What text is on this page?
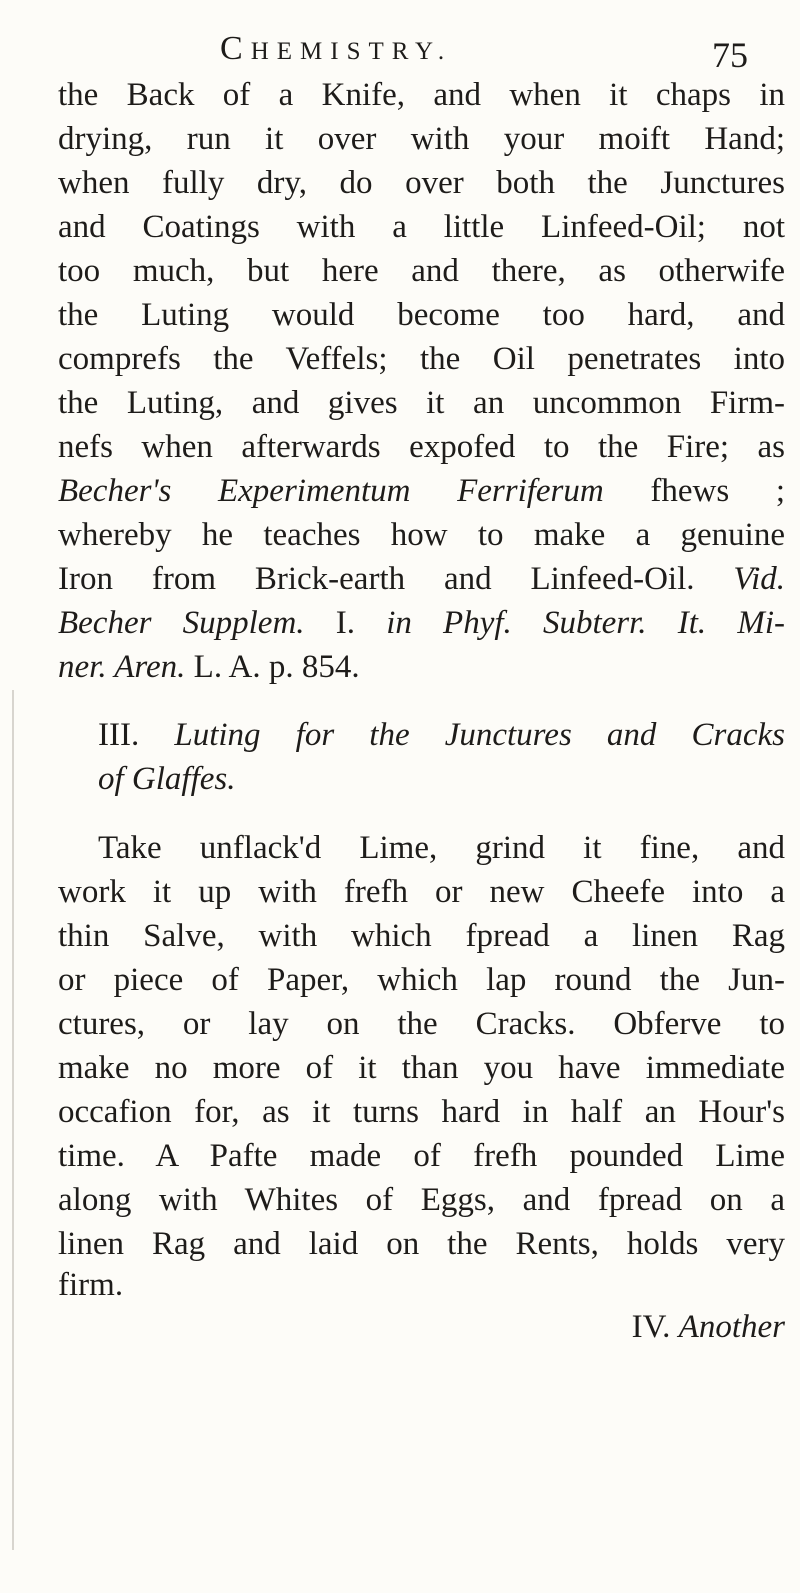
CHEMISTRY.	75
the Back of a Knife, and when it chaps in
drying, run it over with your moift Hand;
when fully dry, do over both the Junctures
and Coatings with a little Linfeed-Oil; not
too much, but here and there, as otherwife
the Luting would become too hard, and
comprefs the Veffels; the Oil penetrates into
the Luting, and gives it an uncommon Firm-
nefs when afterwards expofed to the Fire; as
Becher's Experimentum Ferriferum fhews ;
whereby he teaches how to make a genuine
Iron from Brick-earth and Linfeed-Oil. Vid.
Becher Supplem. I. in Phyf. Subterr. It. Mi-
ner. Aren. L. A. p. 854.
III. Luting for the Junctures and Cracks
of Glaffes.
Take unflack'd Lime, grind it fine, and
work it up with frefh or new Cheefe into a
thin Salve, with which fpread a linen Rag
or piece of Paper, which lap round the Jun-
ctures, or lay on the Cracks. Obferve to
make no more of it than you have immediate
occafion for, as it turns hard in half an Hour's
time. A Pafte made of frefh pounded Lime
along with Whites of Eggs, and fpread on a
linen Rag and laid on the Rents, holds very
firm.
IV. Another
